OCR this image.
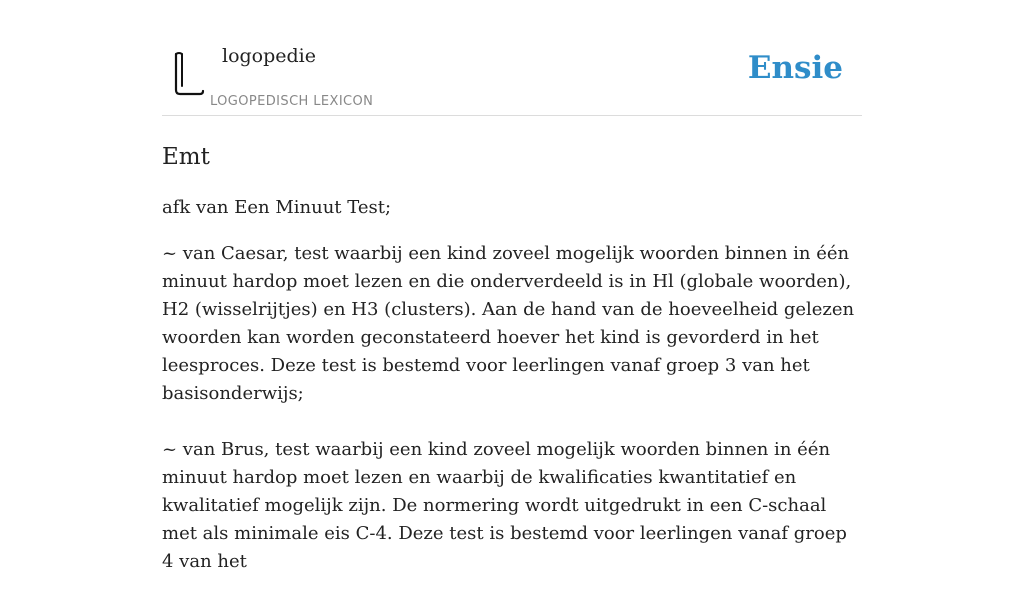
logopedie
LOGOPEDISCH LEXICON
Ensie
Emt

afk van Een Minuut Test;

~ van Caesar, test waarbij een kind zoveel mogelijk woorden binnen in één minuut hardop moet lezen en die onderverdeeld is in Hl (globale woorden), H2 (wisselrijtjes) en H3 (clusters). Aan de hand van de hoeveelheid gelezen woorden kan worden geconstateerd hoever het kind is gevorderd in het leesproces. Deze test is bestemd voor leerlingen vanaf groep 3 van het basisonderwijs;

~ van Brus, test waarbij een kind zoveel mogelijk woorden binnen in één minuut hardop moet lezen en waarbij de kwalificaties kwantitatief en kwalitatief mogelijk zijn. De normering wordt uitgedrukt in een C-schaal met als minimale eis C-4. Deze test is bestemd voor leerlingen vanaf groep 4 van het
